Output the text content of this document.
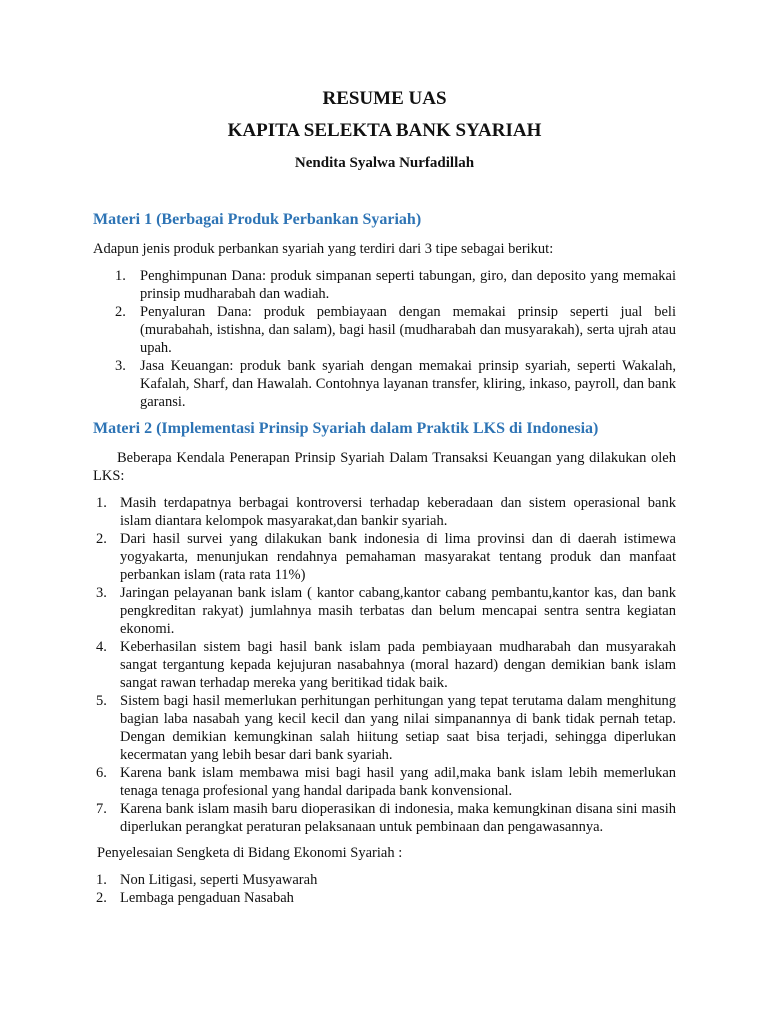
RESUME UAS
KAPITA SELEKTA BANK SYARIAH

Nendita Syalwa Nurfadillah

Materi 1 (Berbagai Produk Perbankan Syariah)

Adapun jenis produk perbankan syariah yang terdiri dari 3 tipe sebagai berikut:

1. Penghimpunan Dana: produk simpanan seperti tabungan, giro, dan deposito yang memakai prinsip mudharabah dan wadiah.
2. Penyaluran Dana: produk pembiayaan dengan memakai prinsip seperti jual beli (murabahah, istishna, dan salam), bagi hasil (mudharabah dan musyarakah), serta ujrah atau upah.
3. Jasa Keuangan: produk bank syariah dengan memakai prinsip syariah, seperti Wakalah, Kafalah, Sharf, dan Hawalah. Contohnya layanan transfer, kliring, inkaso, payroll, dan bank garansi.
Materi 2 (Implementasi Prinsip Syariah dalam Praktik LKS di Indonesia)

Beberapa Kendala Penerapan Prinsip Syariah Dalam Transaksi Keuangan yang dilakukan oleh LKS:

1. Masih terdapatnya berbagai kontroversi terhadap keberadaan dan sistem operasional bank islam diantara kelompok masyarakat,dan bankir syariah.
2. Dari hasil survei yang dilakukan bank indonesia di lima provinsi dan di daerah istimewa yogyakarta, menunjukan rendahnya pemahaman masyarakat tentang produk dan manfaat perbankan islam (rata rata 11%)
3. Jaringan pelayanan bank islam ( kantor cabang,kantor cabang pembantu,kantor kas, dan bank pengkreditan rakyat) jumlahnya masih terbatas dan belum mencapai sentra sentra kegiatan ekonomi.
4. Keberhasilan sistem bagi hasil bank islam pada pembiayaan mudharabah dan musyarakah sangat tergantung kepada kejujuran nasabahnya (moral hazard) dengan demikian bank islam sangat rawan terhadap mereka yang beritikad tidak baik.
5. Sistem bagi hasil memerlukan perhitungan perhitungan yang tepat terutama dalam menghitung bagian laba nasabah yang kecil kecil dan yang nilai simpanannya di bank tidak pernah tetap. Dengan demikian kemungkinan salah hiitung setiap saat bisa terjadi, sehingga diperlukan kecermatan yang lebih besar dari bank syariah.
6. Karena bank islam membawa misi bagi hasil yang adil,maka bank islam lebih memerlukan tenaga tenaga profesional yang handal daripada bank konvensional.
7. Karena bank islam masih baru dioperasikan di indonesia, maka kemungkinan disana sini masih diperlukan perangkat peraturan pelaksanaan untuk pembinaan dan pengawasannya.

Penyelesaian Sengketa di Bidang Ekonomi Syariah :

1. Non Litigasi, seperti Musyawarah
2. Lembaga pengaduan Nasabah
